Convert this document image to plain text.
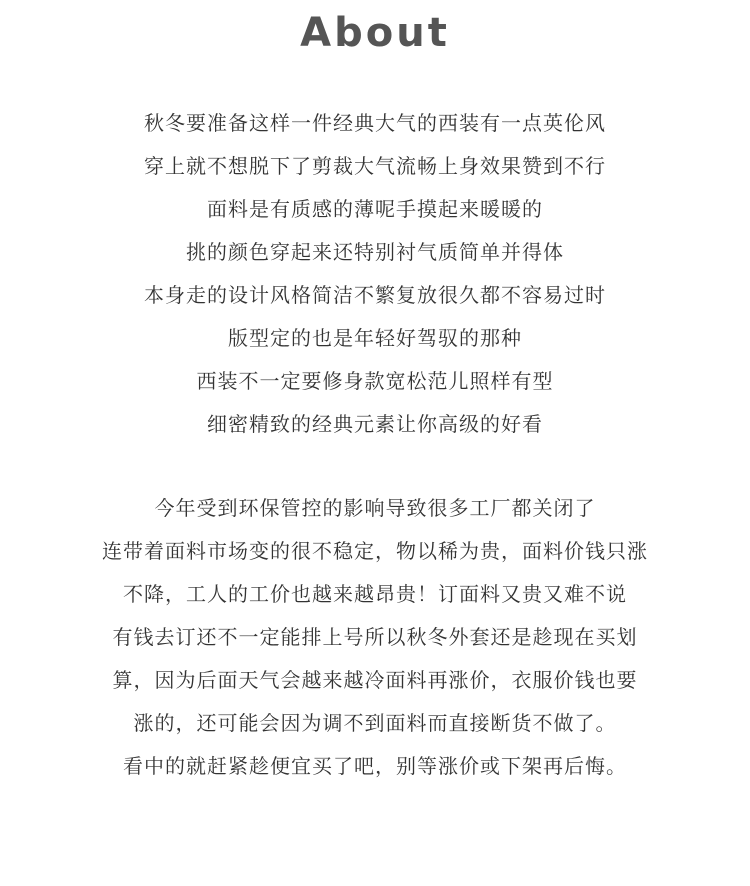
About
秋冬要准备这样一件经典大气的西装有一点英伦风
穿上就不想脱下了剪裁大气流畅上身效果赞到不行
面料是有质感的薄呢手摸起来暖暖的
挑的颜色穿起来还特别衬气质简单并得体
本身走的设计风格简洁不繁复放很久都不容易过时
版型定的也是年轻好驾驭的那种
西装不一定要修身款宽松范儿照样有型
细密精致的经典元素让你高级的好看
今年受到环保管控的影响导致很多工厂都关闭了
连带着面料市场变的很不稳定，物以稀为贵，面料价钱只涨
不降，工人的工价也越来越昂贵！订面料又贵又难不说
有钱去订还不一定能排上号所以秋冬外套还是趁现在买划
算，因为后面天气会越来越冷面料再涨价，衣服价钱也要
涨的，还可能会因为调不到面料而直接断货不做了。
看中的就赶紧趁便宜买了吧，别等涨价或下架再后悔。
